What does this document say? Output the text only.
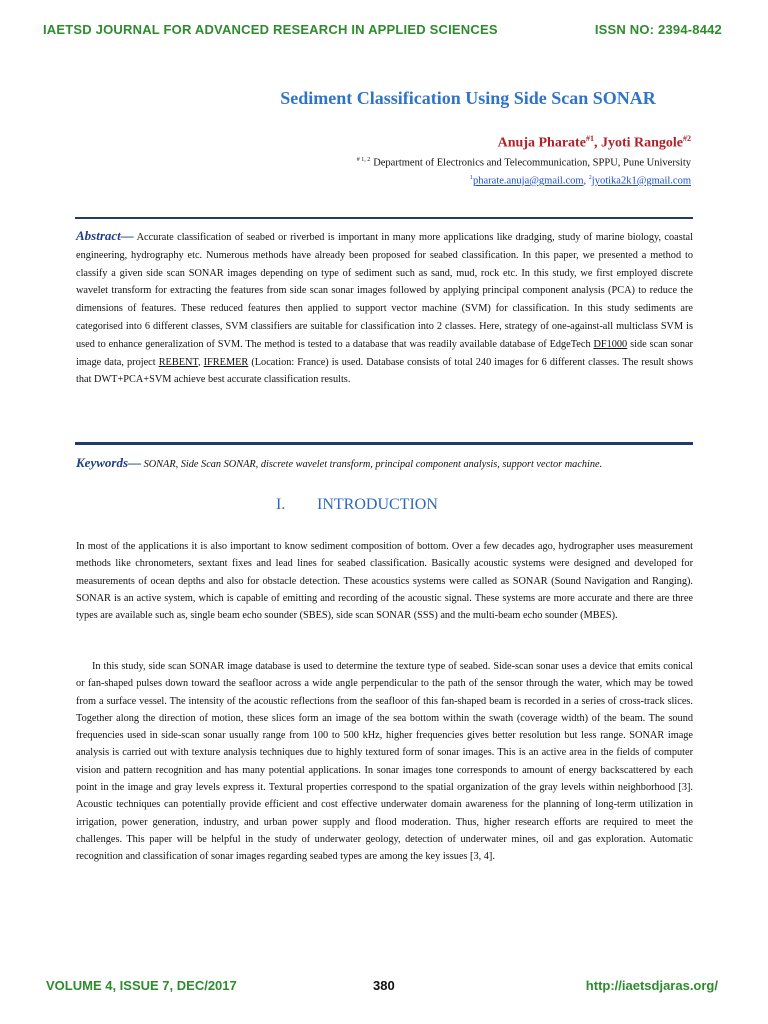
IAETSD JOURNAL FOR ADVANCED RESEARCH IN APPLIED SCIENCES	ISSN NO: 2394-8442
Sediment Classification Using Side Scan SONAR
Anuja Pharate$^{\#1}$, Jyoti Rangole$^{\#2}$
$^{\# 1, 2}$ Department of Electronics and Telecommunication, SPPU, Pune University
$^1$pharate.anuja@gmail.com, $^2$jyotika2k1@gmail.com
Abstract— Accurate classification of seabed or riverbed is important in many more applications like dradging, study of marine biology, coastal engineering, hydrography etc. Numerous methods have already been proposed for seabed classification. In this paper, we presented a method to classify a given side scan SONAR images depending on type of sediment such as sand, mud, rock etc. In this study, we first employed discrete wavelet transform for extracting the features from side scan sonar images followed by applying principal component analysis (PCA) to reduce the dimensions of features. These reduced features then applied to support vector machine (SVM) for classification. In this study sediments are categorised into 6 different classes, SVM classifiers are suitable for classification into 2 classes. Here, strategy of one-against-all multiclass SVM is used to enhance generalization of SVM. The method is tested to a database that was readily available database of EdgeTech DF1000 side scan sonar image data, project REBENT, IFREMER (Location: France) is used. Database consists of total 240 images for 6 different classes. The result shows that DWT+PCA+SVM achieve best accurate classification results.
Keywords— SONAR, Side Scan SONAR, discrete wavelet transform, principal component analysis, support vector machine.
I. INTRODUCTION
In most of the applications it is also important to know sediment composition of bottom. Over a few decades ago, hydrographer uses measurement methods like chronometers, sextant fixes and lead lines for seabed classification. Basically acoustic systems were designed and developed for measurements of ocean depths and also for obstacle detection. These acoustics systems were called as SONAR (Sound Navigation and Ranging). SONAR is an active system, which is capable of emitting and recording of the acoustic signal. These systems are more accurate and there are three types are available such as, single beam echo sounder (SBES), side scan SONAR (SSS) and the multi-beam echo sounder (MBES).
In this study, side scan SONAR image database is used to determine the texture type of seabed. Side-scan sonar uses a device that emits conical or fan-shaped pulses down toward the seafloor across a wide angle perpendicular to the path of the sensor through the water, which may be towed from a surface vessel. The intensity of the acoustic reflections from the seafloor of this fan-shaped beam is recorded in a series of cross-track slices. Together along the direction of motion, these slices form an image of the sea bottom within the swath (coverage width) of the beam. The sound frequencies used in side-scan sonar usually range from 100 to 500 kHz, higher frequencies gives better resolution but less range. SONAR image analysis is carried out with texture analysis techniques due to highly textured form of sonar images. This is an active area in the fields of computer vision and pattern recognition and has many potential applications. In sonar images tone corresponds to amount of energy backscattered by each point in the image and gray levels express it. Textural properties correspond to the spatial organization of the gray levels within neighborhood [3]. Acoustic techniques can potentially provide efficient and cost effective underwater domain awareness for the planning of long-term utilization in irrigation, power generation, industry, and urban power supply and flood moderation. Thus, higher research efforts are required to meet the challenges. This paper will be helpful in the study of underwater geology, detection of underwater mines, oil and gas exploration. Automatic recognition and classification of sonar images regarding seabed types are among the key issues [3, 4].
VOLUME 4, ISSUE 7, DEC/2017	380	http://iaetsdjaras.org/
